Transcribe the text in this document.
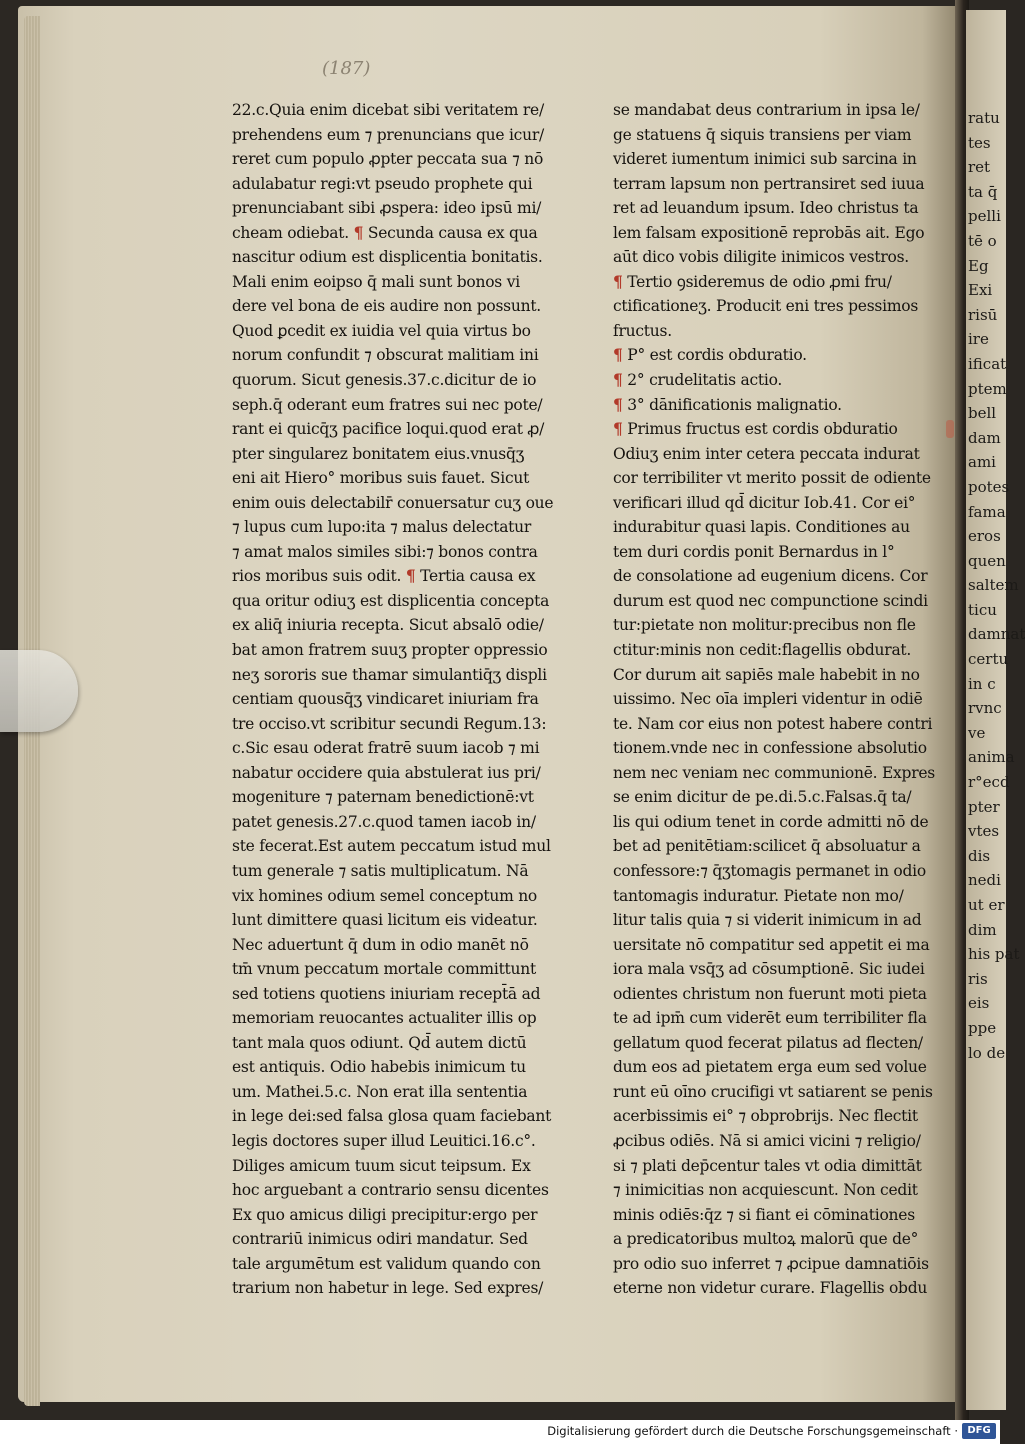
(187)
22.c.Quia enim dicebat sibi veritatem re/
prehendens eum ⁊ prenuncians que icur/
reret cum populo ꝓpter peccata sua ⁊ nō
adulabatur regi:vt pseudo prophete qui
prenunciabant sibi ꝓspera: ideo ipsū mi/
cheam odiebat. ¶ Secunda causa ex qua
nascitur odium est displicentia bonitatis.
Mali enim eoipso q̄ mali sunt bonos vi
dere vel bona de eis audire non possunt.
Quod ꝑcedit ex iuidia vel quia virtus bo
norum confundit ⁊ obscurat malitiam ini
quorum. Sicut genesis.37.c.dicitur de io
seph.q̄ oderant eum fratres sui nec pote/
rant ei quicq̄ʒ pacifice loqui.quod erat ꝓ/
pter singularez bonitatem eius.vnusq̄ʒ
eni ait Hiero° moribus suis fauet. Sicut
enim ouis delectabilr̄ conuersatur cuʒ oue
⁊ lupus cum lupo:ita ⁊ malus delectatur
⁊ amat malos similes sibi:⁊ bonos contra
rios moribus suis odit. ¶ Tertia causa ex
qua oritur odiuʒ est displicentia concepta
ex aliq̄ iniuria recepta. Sicut absalō odie/
bat amon fratrem suuʒ propter oppressio
neʒ sororis sue thamar simulantiq̄ʒ displi
centiam quousq̄ʒ vindicaret iniuriam fra
tre occiso.vt scribitur secundi Regum.13:
c.Sic esau oderat fratrē suum iacob ⁊ mi
nabatur occidere quia abstulerat ius pri/
mogeniture ⁊ paternam benedictionē:vt
patet genesis.27.c.quod tamen iacob in/
ste fecerat.Est autem peccatum istud mul
tum generale ⁊ satis multiplicatum. Nā
vix homines odium semel conceptum no
lunt dimittere quasi licitum eis videatur.
Nec aduertunt q̄ dum in odio manēt nō
tm̄ vnum peccatum mortale committunt
sed totiens quotiens iniuriam recept̄ā ad
memoriam reuocantes actualiter illis op
tant mala quos odiunt. Qd̄ autem dictū
est antiquis. Odio habebis inimicum tu
um. Mathei.5.c. Non erat illa sententia
in lege dei:sed falsa glosa quam faciebant
legis doctores super illud Leuitici.16.c°.
Diliges amicum tuum sicut teipsum. Ex
hoc arguebant a contrario sensu dicentes
Ex quo amicus diligi precipitur:ergo per
contrariū inimicus odiri mandatur. Sed
tale argumētum est validum quando con
trarium non habetur in lege. Sed expres/
se mandabat deus contrarium in ipsa le/
ge statuens q̄ siquis transiens per viam
videret iumentum inimici sub sarcina in
terram lapsum non pertransiret sed iuua
ret ad leuandum ipsum. Ideo christus ta
lem falsam expositionē reprobās ait. Ego
aūt dico vobis diligite inimicos vestros.
¶ Tertio ꝯsideremus de odio ꝓmi fru/
ctificationeʒ. Producit eni tres pessimos
fructus.
¶ P° est cordis obduratio.
¶ 2° crudelitatis actio.
¶ 3° dānificationis malignatio.
¶ Primus fructus est cordis obduratio
Odiuʒ enim inter cetera peccata indurat
cor terribiliter vt merito possit de odiente
verificari illud qd̄ dicitur Iob.41. Cor ei°
indurabitur quasi lapis. Conditiones au
tem duri cordis ponit Bernardus in l°
de consolatione ad eugenium dicens. Cor
durum est quod nec compunctione scindi
tur:pietate non molitur:precibus non fle
ctitur:minis non cedit:flagellis obdurat.
Cor durum ait sapiēs male habebit in no
uissimo. Nec oīa impleri videntur in odiē
te. Nam cor eius non potest habere contri
tionem.vnde nec in confessione absolutio
nem nec veniam nec communionē. Expres
se enim dicitur de pe.di.5.c.Falsas.q̄ ta/
lis qui odium tenet in corde admitti nō de
bet ad penitētiam:scilicet q̄ absoluatur a
confessore:⁊ q̄ʒtomagis permanet in odio
tantomagis induratur. Pietate non mo/
litur talis quia ⁊ si viderit inimicum in ad
uersitate nō compatitur sed appetit ei ma
iora mala vsq̄ʒ ad cōsumptionē. Sic iudei
odientes christum non fuerunt moti pieta
te ad ipm̄ cum viderēt eum terribiliter fla
gellatum quod fecerat pilatus ad flecten/
dum eos ad pietatem erga eum sed volue
runt eū oīno crucifigi vt satiarent se penis
acerbissimis ei° ⁊ obprobrijs. Nec flectit
ꝓcibus odiēs. Nā si amici vicini ⁊ religio/
si ⁊ plati dep̄centur tales vt odia dimittāt
⁊ inimicitias non acquiescunt. Non cedit
minis odiēs:q̄z ⁊ si fiant ei cōminationes
a predicatoribus multoꝝ malorū que de°
pro odio suo inferret ⁊ ꝓcipue damnatiōis
eterne non videtur curare. Flagellis obdu
ratu
tes
ret
ta q̄
pelli
tē o
Eg
Exi
risū
ire
ificat
ptem
bell
dam
ami
potes
fama
eros
quen
saltem
ticu
damnat
certu
in c
rvnc
ve
anima
r°ecd
pter
vtes
dis
nedi
ut er
dim
his pat
ris
eis
ppe
lo de
Digitalisierung gefördert durch die Deutsche Forschungsgemeinschaft · DFG
